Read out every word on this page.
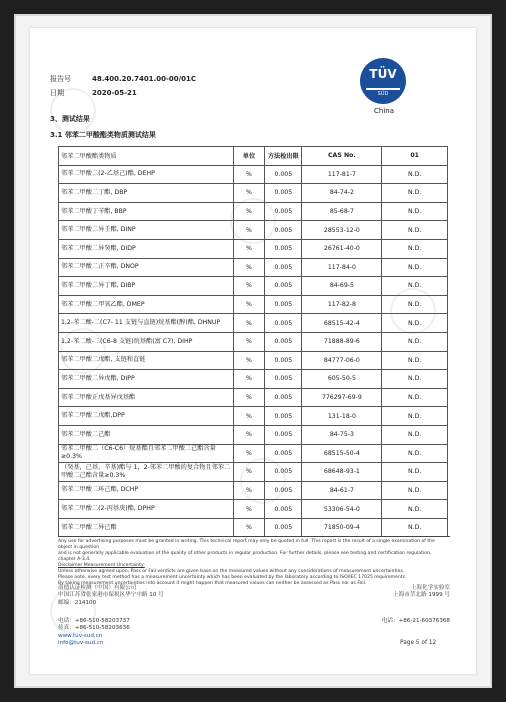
报告号	48.400.20.7401.00-00/01C
日期	2020-05-21
TÜV
SÜD
China
3、测试结果
3.1 邻苯二甲酸酯类物质测试结果
邻苯二甲酸酯类物质	单位	方法检出限	CAS No.	01
邻苯二甲酸二(2-乙基己)酯, DEHP	%	0.005	117-81-7	N.D.
邻苯二甲酸二丁酯, DBP	%	0.005	84-74-2	N.D.
邻苯二甲酸丁苄酯, BBP	%	0.005	85-68-7	N.D.
邻苯二甲酸二异壬酯, DINP	%	0.005	28553-12-0	N.D.
邻苯二甲酸二异癸酯, DIDP	%	0.005	26761-40-0	N.D.
邻苯二甲酸二正辛酯, DNOP	%	0.005	117-84-0	N.D.
邻苯二甲酸二异丁酯, DIBP	%	0.005	84-69-5	N.D.
邻苯二甲酸二甲氧乙酯, DMEP	%	0.005	117-82-8	N.D.
1,2-苯二酸-二(C7- 11 支链与直链)烷基酯(醇)酯, DHNUP	%	0.005	68515-42-4	N.D.
1,2-苯二酸-二(C6-8 支链)烷基酯(富 C7), DIHP	%	0.005	71888-89-6	N.D.
邻苯二甲酸二戊酯, 支链和直链	%	0.005	84777-06-0	N.D.
邻苯二甲酸二异戊酯, DIPP	%	0.005	605-50-5	N.D.
邻苯二甲酸正戊基异戊基酯	%	0.005	776297-69-9	N.D.
邻苯二甲酸二戊酯,DPP	%	0.005	131-18-0	N.D.
邻苯二甲酸二己酯	%	0.005	84-75-3	N.D.
邻苯二甲酸二（C6-C6）烷基酯且邻苯二甲酸二己酯含量≥0.3%	%	0.005	68515-50-4	N.D.
（癸基，己基，辛基)酯与 1，2-邻苯二甲酸的复合物且邻苯二甲酸二己酯含量≥0.3%	%	0.005	68648-93-1	N.D.
邻苯二甲酸二环己酯, DCHP	%	0.005	84-61-7	N.D.
邻苯二甲酸二(2-丙基庚)酯, DPHP	%	0.005	53306-54-0	N.D.
邻苯二甲酸二异己酯	%	0.005	71850-09-4	N.D.
Any use for advertising purposes must be granted in writing. This technical report may only be quoted in full. This report is the result of a single examination of the object in question
and is not generally applicable evaluation of the quality of other products in regular production. For further details, please see testing and certification regulation, chapter A-3.4.
Disclaimer Measurement Uncertainty:
Unless otherwise agreed upon, Pass or Fail verdicts are given base on the measured values without any considerations of measurement uncertainties.
Please note, every test method has a measurement uncertainty which has been evaluated by the laboratory according to ISO/IEC 17025 requirements.
By taking measurement uncertainties into account it might happen that measured values can neither be assessed as Pass nor as Fail.
南德认证检测（中国）有限公司
中国江苏省张家港市保税区华宁中路 10 号
邮编：214100
上海化学实验室
上海市莘北路 1999 号
电话：+86-510-58203737
传真：+86-510-58203636
www.tuv-sud.cn
info@tuv-sud.cn
电话：+86-21-60376368
Page 5 of 12
